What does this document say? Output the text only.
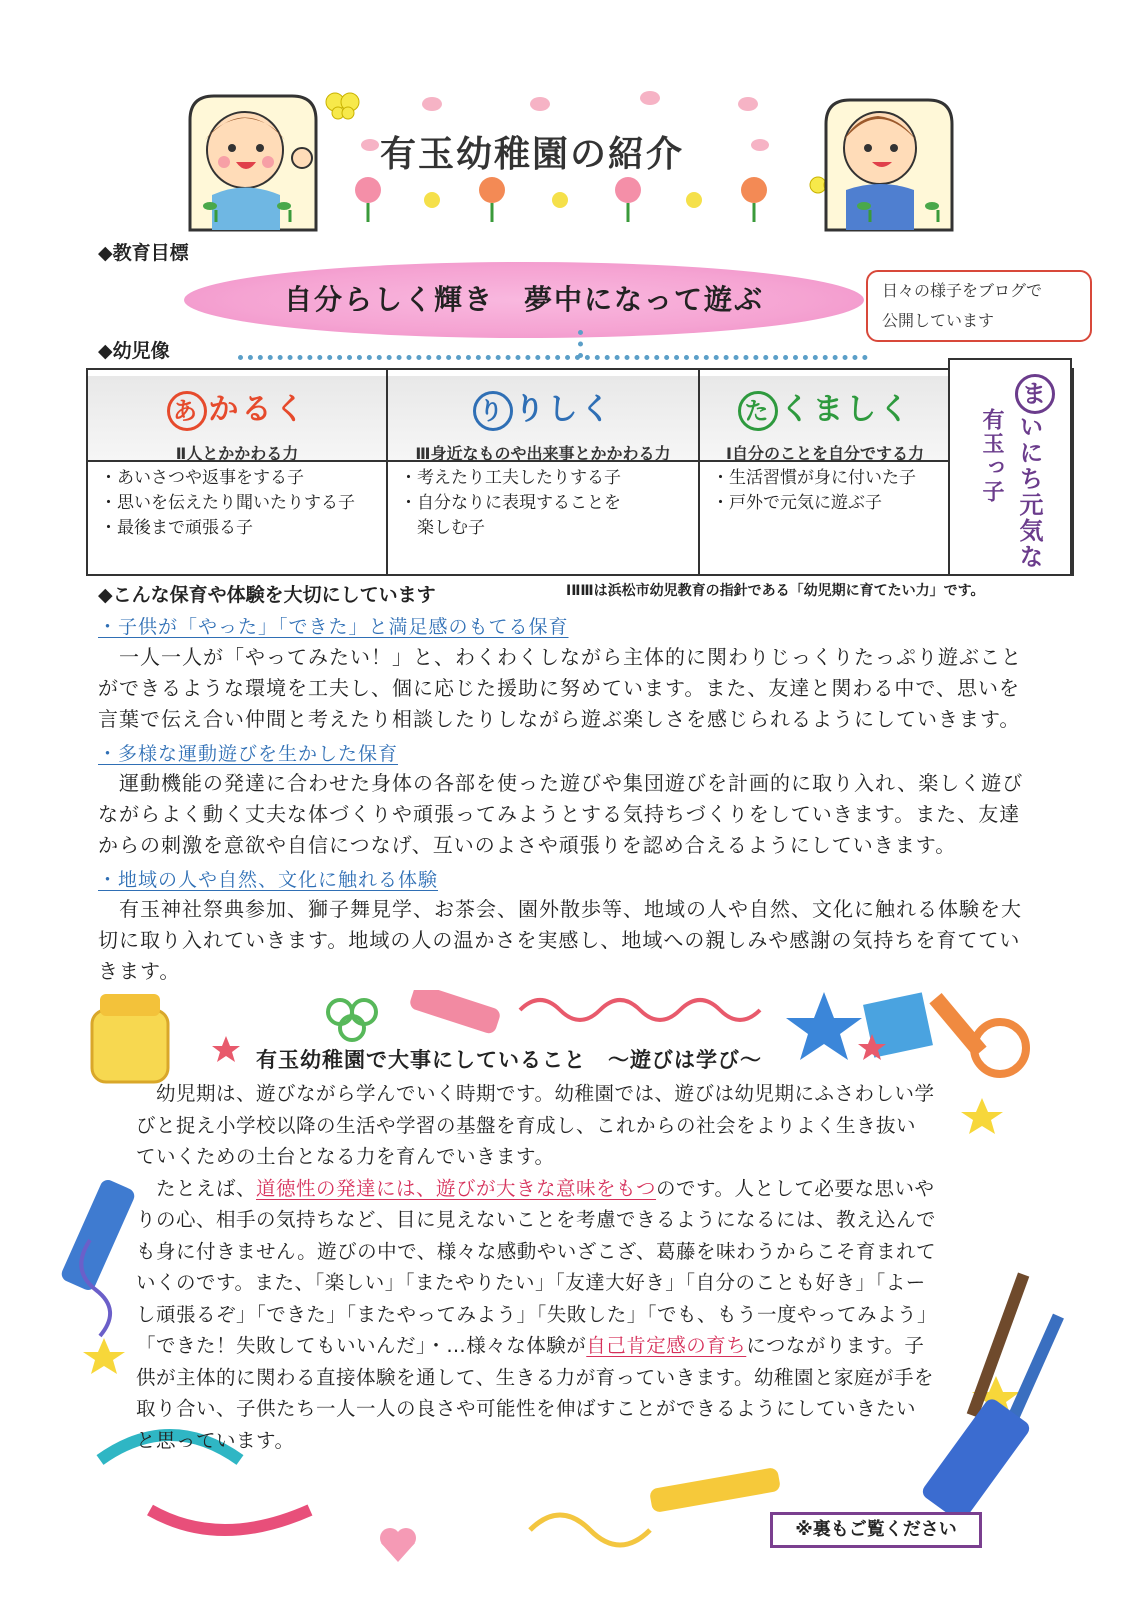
有玉幼稚園の紹介
◆教育目標
自分らしく輝き　夢中になって遊ぶ	日々の様子をブログで
公開しています
◆幼児像
あ かるく
Ⅱ人とかかわる力
・あいさつや返事をする子
・思いを伝えたり聞いたりする子
・最後まで頑張る子
り りしく
Ⅲ身近なものや出来事とかかわる力
・考えたり工夫したりする子
・自分なりに表現することを
　楽しむ子
た くましく
Ⅰ自分のことを自分でする力
・生活習慣が身に付いた子
・戸外で元気に遊ぶ子
まいにち元気な
有玉っ子
◆こんな保育や体験を大切にしています	ⅠⅡⅢは浜松市幼児教育の指針である「幼児期に育てたい力」です。
・子供が「やった」「できた」と満足感のもてる保育
　一人一人が「やってみたい！」と、わくわくしながら主体的に関わりじっくりたっぷり遊ぶこと
ができるような環境を工夫し、個に応じた援助に努めています。また、友達と関わる中で、思いを
言葉で伝え合い仲間と考えたり相談したりしながら遊ぶ楽しさを感じられるようにしていきます。
・多様な運動遊びを生かした保育
　運動機能の発達に合わせた身体の各部を使った遊びや集団遊びを計画的に取り入れ、楽しく遊び
ながらよく動く丈夫な体づくりや頑張ってみようとする気持ちづくりをしていきます。また、友達
からの刺激を意欲や自信につなげ、互いのよさや頑張りを認め合えるようにしていきます。
・地域の人や自然、文化に触れる体験
　有玉神社祭典参加、獅子舞見学、お茶会、園外散歩等、地域の人や自然、文化に触れる体験を大
切に取り入れていきます。地域の人の温かさを実感し、地域への親しみや感謝の気持ちを育ててい
きます。
有玉幼稚園で大事にしていること　～遊びは学び～
　幼児期は、遊びながら学んでいく時期です。幼稚園では、遊びは幼児期にふさわしい学
びと捉え小学校以降の生活や学習の基盤を育成し、これからの社会をよりよく生き抜い
ていくための土台となる力を育んでいきます。
　たとえば、道徳性の発達には、遊びが大きな意味をもつのです。人として必要な思いや
りの心、相手の気持ちなど、目に見えないことを考慮できるようになるには、教え込んで
も身に付きません。遊びの中で、様々な感動やいざこざ、葛藤を味わうからこそ育まれて
いくのです。また、「楽しい」「またやりたい」「友達大好き」「自分のことも好き」「よー
し頑張るぞ」「できた」「またやってみよう」「失敗した」「でも、もう一度やってみよう」
「できた！失敗してもいいんだ」・…様々な体験が自己肯定感の育ちにつながります。子
供が主体的に関わる直接体験を通して、生きる力が育っていきます。幼稚園と家庭が手を
取り合い、子供たち一人一人の良さや可能性を伸ばすことができるようにしていきたい
と思っています。
※裏もご覧ください
